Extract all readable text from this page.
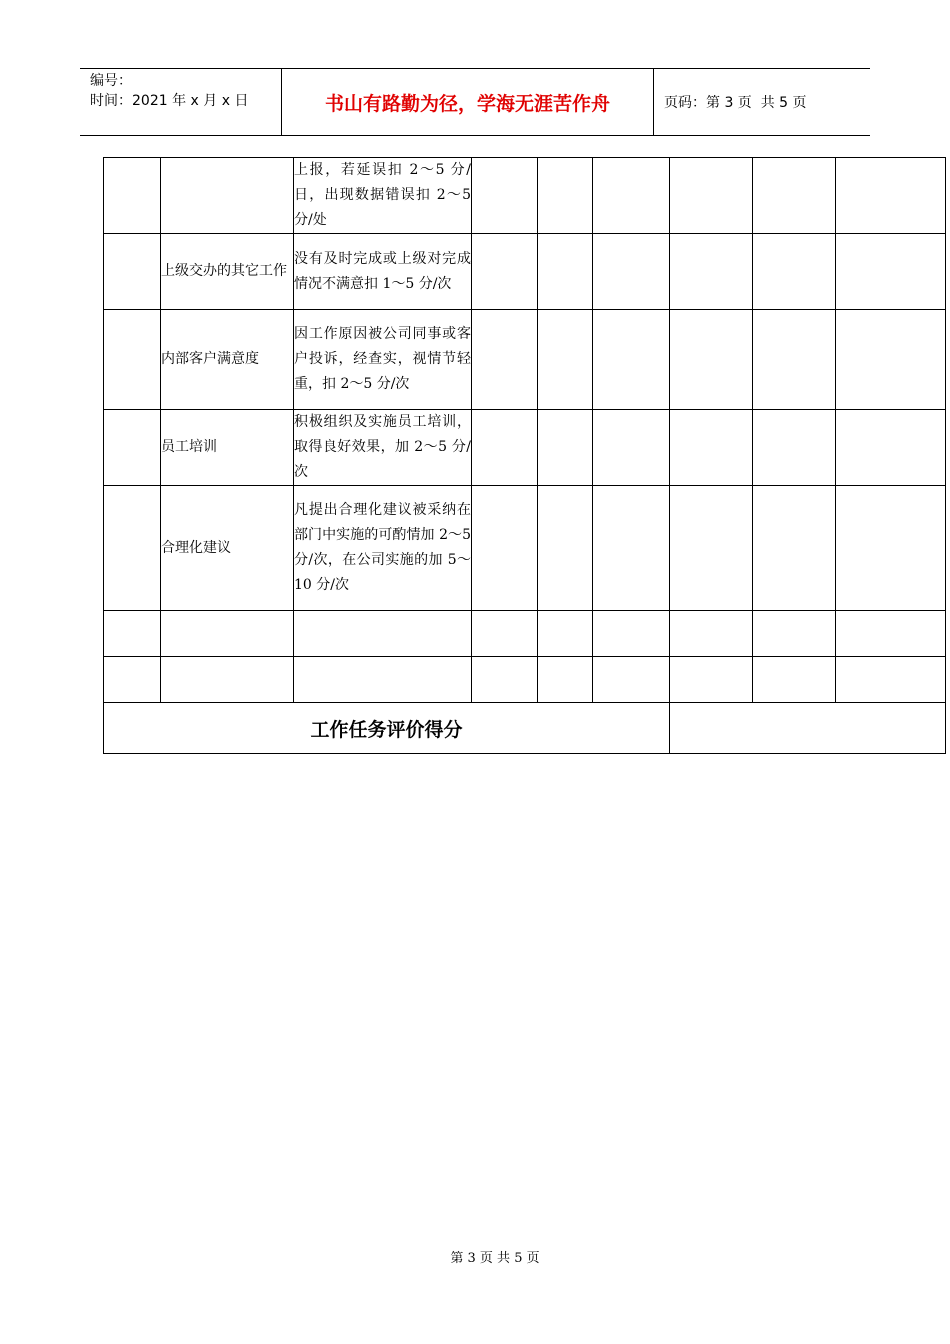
编号：
时间：2021 年 x 月 x 日	书山有路勤为径，学海无涯苦作舟	页码：第 3 页  共 5 页
		上报，若延误扣 2～5 分/日，出现数据错误扣 2～5 分/处						
	上级交办的其它工作	没有及时完成或上级对完成情况不满意扣 1～5 分/次						
	内部客户满意度	因工作原因被公司同事或客户投诉，经查实，视情节轻重，扣 2～5 分/次						
	员工培训	积极组织及实施员工培训，取得良好效果，加 2～5 分/次						
	合理化建议	凡提出合理化建议被采纳在部门中实施的可酌情加 2～5 分/次，在公司实施的加 5～10 分/次						

工作任务评价得分								
第 3 页 共 5 页
